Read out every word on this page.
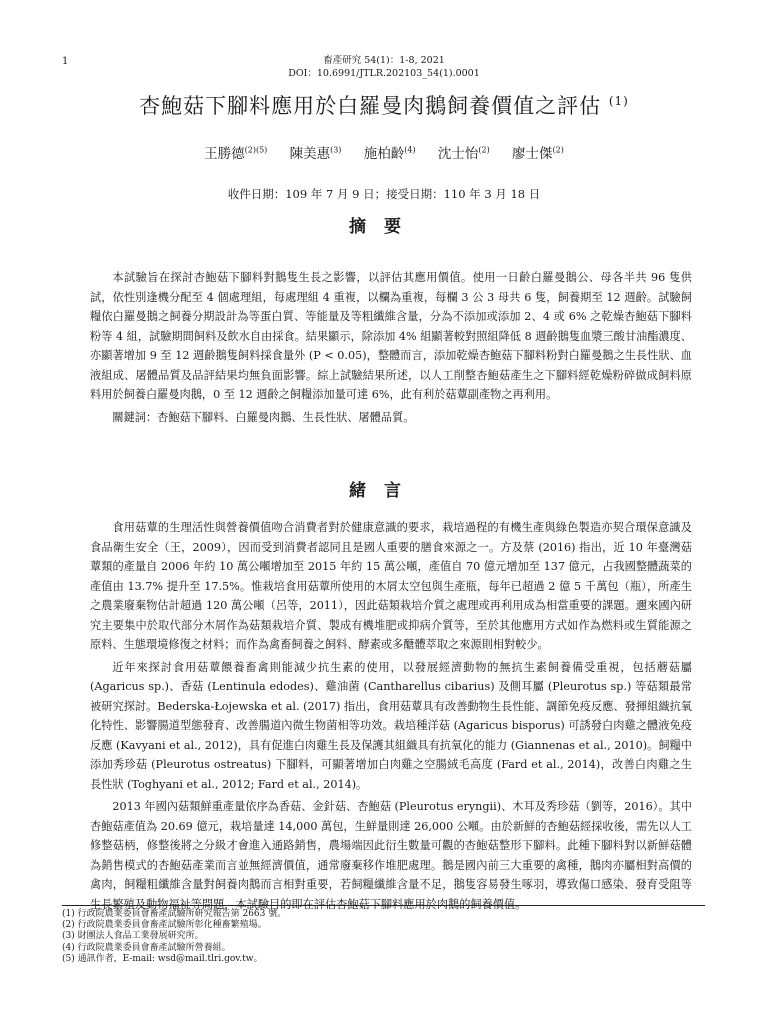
1	畜產研究 54(1)：1-8, 2021
DOI：10.6991/JTLR.202103_54(1).0001
杏鮑菇下腳料應用於白羅曼肉鵝飼養價值之評估 $^{(1)}$
王勝德$^{(2)(5)}$ 陳美惠$^{(3)}$ 施柏齡$^{(4)}$ 沈士怡$^{(2)}$ 廖士傑$^{(2)}$
收件日期：109 年 7 月 9 日；接受日期：110 年 3 月 18 日
摘要

本試驗旨在探討杏鮑菇下腳料對鵝隻生長之影響，以評估其應用價值。使用一日齡白羅曼鵝公、母各半共 96 隻供試，依性別逢機分配至 4 個處理組，每處理組 4 重複，以欄為重複，每欄 3 公 3 母共 6 隻，飼養期至 12 週齡。試驗飼糧依白羅曼鵝之飼養分期設計為等蛋白質、等能量及等粗纖維含量，分為不添加或添加 2、4 或 6% 之乾燥杏鮑菇下腳料粉等 4 組，試驗期間飼料及飲水自由採食。結果顯示，除添加 4% 組顯著較對照組降低 8 週齡鵝隻血漿三酸甘油酯濃度、亦顯著增加 9 至 12 週齡鵝隻飼料採食量外 (P < 0.05)，整體而言，添加乾燥杏鮑菇下腳料粉對白羅曼鵝之生長性狀、血液組成、屠體品質及品評結果均無負面影響。綜上試驗結果所述，以人工削整杏鮑菇產生之下腳料經乾燥粉碎做成飼料原料用於飼養白羅曼肉鵝，0 至 12 週齡之飼糧添加量可達 6%，此有利於菇蕈副產物之再利用。

關鍵詞：杏鮑菇下腳料、白羅曼肉鵝、生長性狀、屠體品質。

緒言

食用菇蕈的生理活性與營養價值吻合消費者對於健康意識的要求，栽培過程的有機生產與綠色製造亦契合環保意識及食品衛生安全（王，2009），因而受到消費者認同且是國人重要的膳食來源之一。方及蔡 (2016) 指出，近 10 年臺灣菇蕈類的產量自 2006 年約 10 萬公噸增加至 2015 年約 15 萬公噸，產值自 70 億元增加至 137 億元，占我國整體蔬菜的產值由 13.7% 提升至 17.5%。惟栽培食用菇蕈所使用的木屑太空包與生產瓶，每年已超過 2 億 5 千萬包（瓶），所產生之農業廢棄物估計超過 120 萬公噸（呂等，2011），因此菇類栽培介質之處理或再利用成為相當重要的課題。邇來國內研究主要集中於取代部分木屑作為菇類栽培介質、製成有機堆肥或抑病介質等，至於其他應用方式如作為燃料或生質能源之原料、生態環境修復之材料；而作為禽畜飼養之飼料、酵素或多醣體萃取之來源則相對較少。

近年來探討食用菇蕈餵養畜禽則能減少抗生素的使用，以發展經濟動物的無抗生素飼養備受重視，包括蘑菇屬 (Agaricus sp.)、香菇 (Lentinula edodes)、雞油菌 (Cantharellus cibarius) 及側耳屬 (Pleurotus sp.) 等菇類最常被研究探討。Bederska-Łojewska et al. (2017) 指出，食用菇蕈具有改善動物生長性能、調節免疫反應、發揮組織抗氧化特性、影響腸道型態發育、改善腸道內微生物菌相等功效。栽培種洋菇 (Agaricus bisporus) 可誘發白肉雞之體液免疫反應 (Kavyani et al., 2012)，具有促進白肉雞生長及保護其組織具有抗氧化的能力 (Giannenas et al., 2010)。飼糧中添加秀珍菇 (Pleurotus ostreatus) 下腳料，可顯著增加白肉雞之空腸絨毛高度 (Fard et al., 2014)，改善白肉雞之生長性狀 (Toghyani et al., 2012; Fard et al., 2014)。

2013 年國內菇類鮮重產量依序為香菇、金針菇、杏鮑菇 (Pleurotus eryngii)、木耳及秀珍菇（劉等，2016）。其中杏鮑菇產值為 20.69 億元，栽培量達 14,000 萬包，生鮮量則達 26,000 公噸。由於新鮮的杏鮑菇經採收後，需先以人工修整菇柄，修整後將之分級才會進入通路銷售，農場端因此衍生數量可觀的杏鮑菇整形下腳料。此種下腳料對以新鮮菇體為銷售模式的杏鮑菇產業而言並無經濟價值，通常廢棄移作堆肥處理。鵝是國內前三大重要的禽種，鵝肉亦屬相對高價的禽肉，飼糧粗纖維含量對飼養肉鵝而言相對重要，若飼糧纖維含量不足，鵝隻容易發生啄羽，導致傷口感染、發育受阻等生長繁殖及動物福祉等問題，本試驗目的即在評估杏鮑菇下腳料應用於肉鵝的飼養價值。

(1) 行政院農業委員會畜產試驗所研究報告第 2663 號。
(2) 行政院農業委員會畜產試驗所彰化種畜繁殖場。
(3) 財團法人食品工業發展研究所。
(4) 行政院農業委員會畜產試驗所營養組。
(5) 通訊作者，E-mail: wsd@mail.tlri.gov.tw。
